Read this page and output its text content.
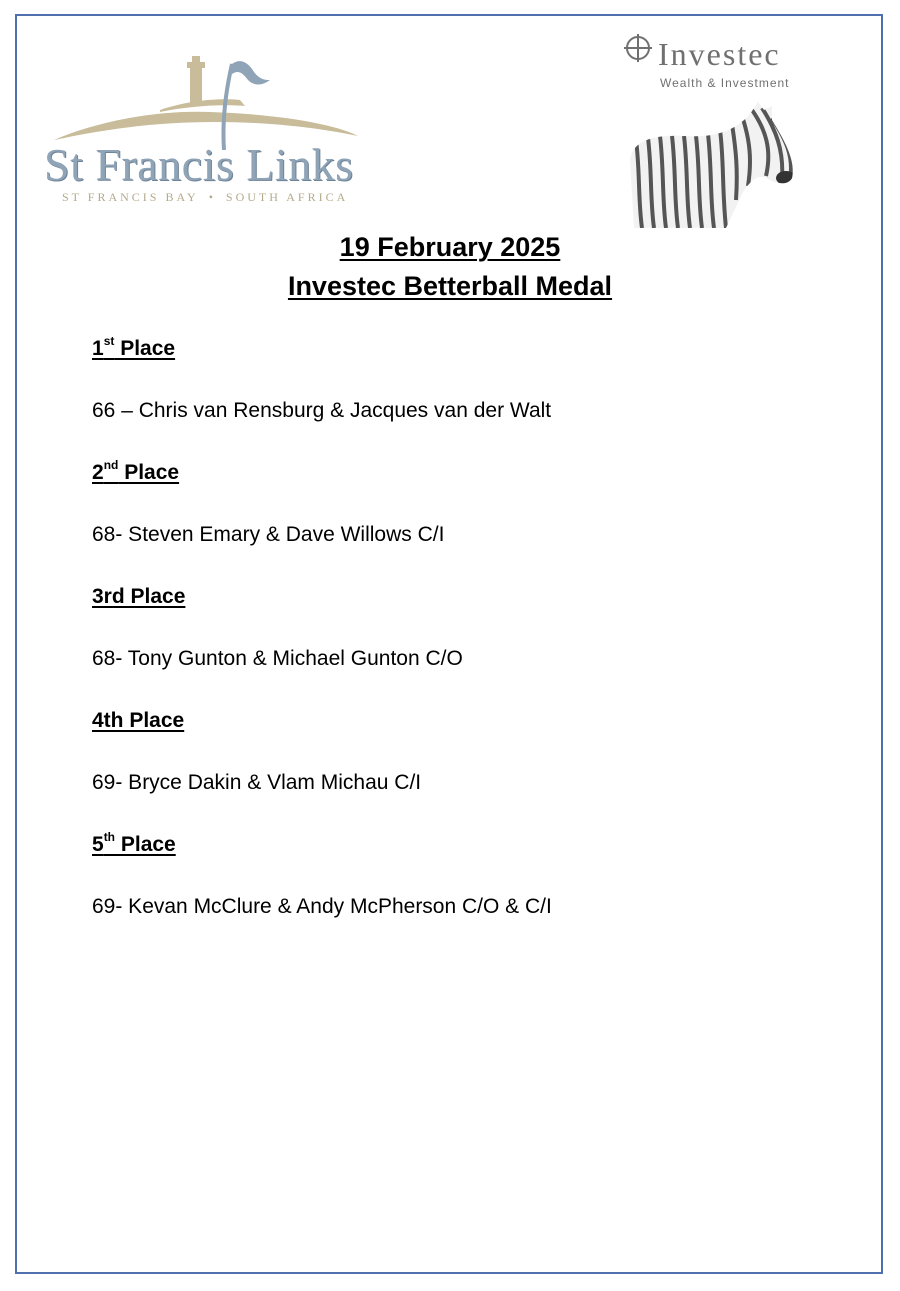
St Francis Links
ST FRANCIS BAY • SOUTH AFRICA
Investec
Wealth & Investment
19 February 2025
Investec Betterball Medal
1st Place
66 – Chris van Rensburg & Jacques van der Walt
2nd Place
68- Steven Emary & Dave Willows C/I
3rd Place
68- Tony Gunton & Michael Gunton C/O
4th Place
69- Bryce Dakin & Vlam Michau C/I
5th Place
69- Kevan McClure & Andy McPherson C/O & C/I
